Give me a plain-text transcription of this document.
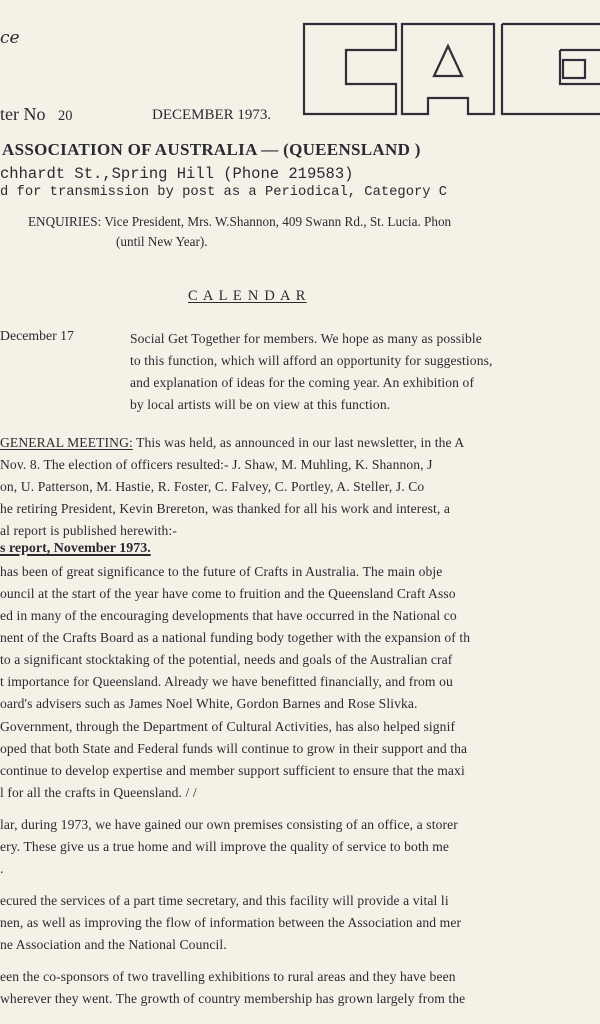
ce
ter No 20	DECEMBER 1973.
ASSOCIATION OF AUSTRALIA — (QUEENSLAND )
chhardt St.,Spring Hill (Phone 219583)
d for transmission by post as a Periodical, Category C
ENQUIRIES: Vice President, Mrs. W.Shannon, 409 Swann Rd., St. Lucia. Phon
(until New Year).
C A L E N D A R
December 17	Social Get Together for members. We hope as many as possible
to this function, which will afford an opportunity for suggestions,
and explanation of ideas for the coming year. An exhibition of
by local artists will be on view at this function.
GENERAL MEETING: This was held, as announced in our last newsletter, in the A
Nov. 8. The election of officers resulted:- J. Shaw, M. Muhling, K. Shannon, J
on, U. Patterson, M. Hastie, R. Foster, C. Falvey, C. Portley, A. Steller, J. Co
he retiring President, Kevin Brereton, was thanked for all his work and interest, a
al report is published herewith:-
s report, November 1973.
has been of great significance to the future of Crafts in Australia. The main obje
ouncil at the start of the year have come to fruition and the Queensland Craft Asso
ed in many of the encouraging developments that have occurred in the National co
nent of the Crafts Board as a national funding body together with the expansion of th
to a significant stocktaking of the potential, needs and goals of the Australian craf
t importance for Queensland. Already we have benefitted financially, and from ou
oard's advisers such as James Noel White, Gordon Barnes and Rose Slivka.
Government, through the Department of Cultural Activities, has also helped signif
oped that both State and Federal funds will continue to grow in their support and tha
continue to develop expertise and member support sufficient to ensure that the maxi
l for all the crafts in Queensland. / /
lar, during 1973, we have gained our own premises consisting of an office, a storer
ery. These give us a true home and will improve the quality of service to both me
.
ecured the services of a part time secretary, and this facility will provide a vital li
nen, as well as improving the flow of information between the Association and mer
ne Association and the National Council.
een the co-sponsors of two travelling exhibitions to rural areas and they have been
wherever they went. The growth of country membership has grown largely from the
